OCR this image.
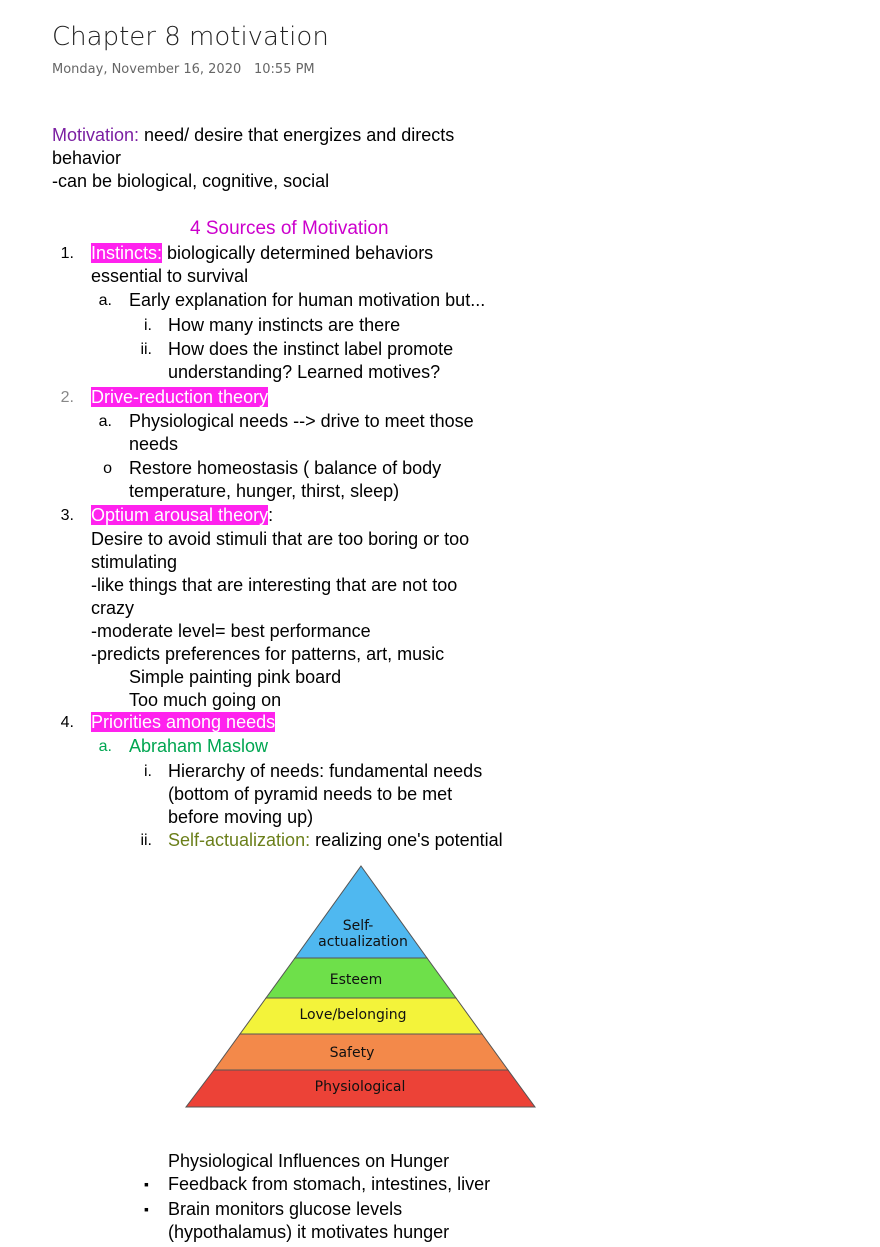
Chapter 8 motivation
Monday, November 16, 2020 10:55 PM
Motivation: need/ desire that energizes and directs
behavior
-can be biological, cognitive, social
4 Sources of Motivation
1. Instincts: biologically determined behaviors
essential to survival
a. Early explanation for human motivation but...
i. How many instincts are there
ii. How does the instinct label promote
understanding? Learned motives?
2. Drive-reduction theory
a. Physiological needs --> drive to meet those
needs
o Restore homeostasis ( balance of body
temperature, hunger, thirst, sleep)
3. Optium arousal theory:
Desire to avoid stimuli that are too boring or too
stimulating
-like things that are interesting that are not too
crazy
-moderate level= best performance
-predicts preferences for patterns, art, music
Simple painting pink board
Too much going on
4. Priorities among needs
a. Abraham Maslow
i. Hierarchy of needs: fundamental needs
(bottom of pyramid needs to be met
before moving up)
ii. Self-actualization: realizing one's potential
Self-
actualization
Esteem
Love/belonging
Safety
Physiological
Physiological Influences on Hunger
▪ Feedback from stomach, intestines, liver
▪ Brain monitors glucose levels
(hypothalamus) it motivates hunger
